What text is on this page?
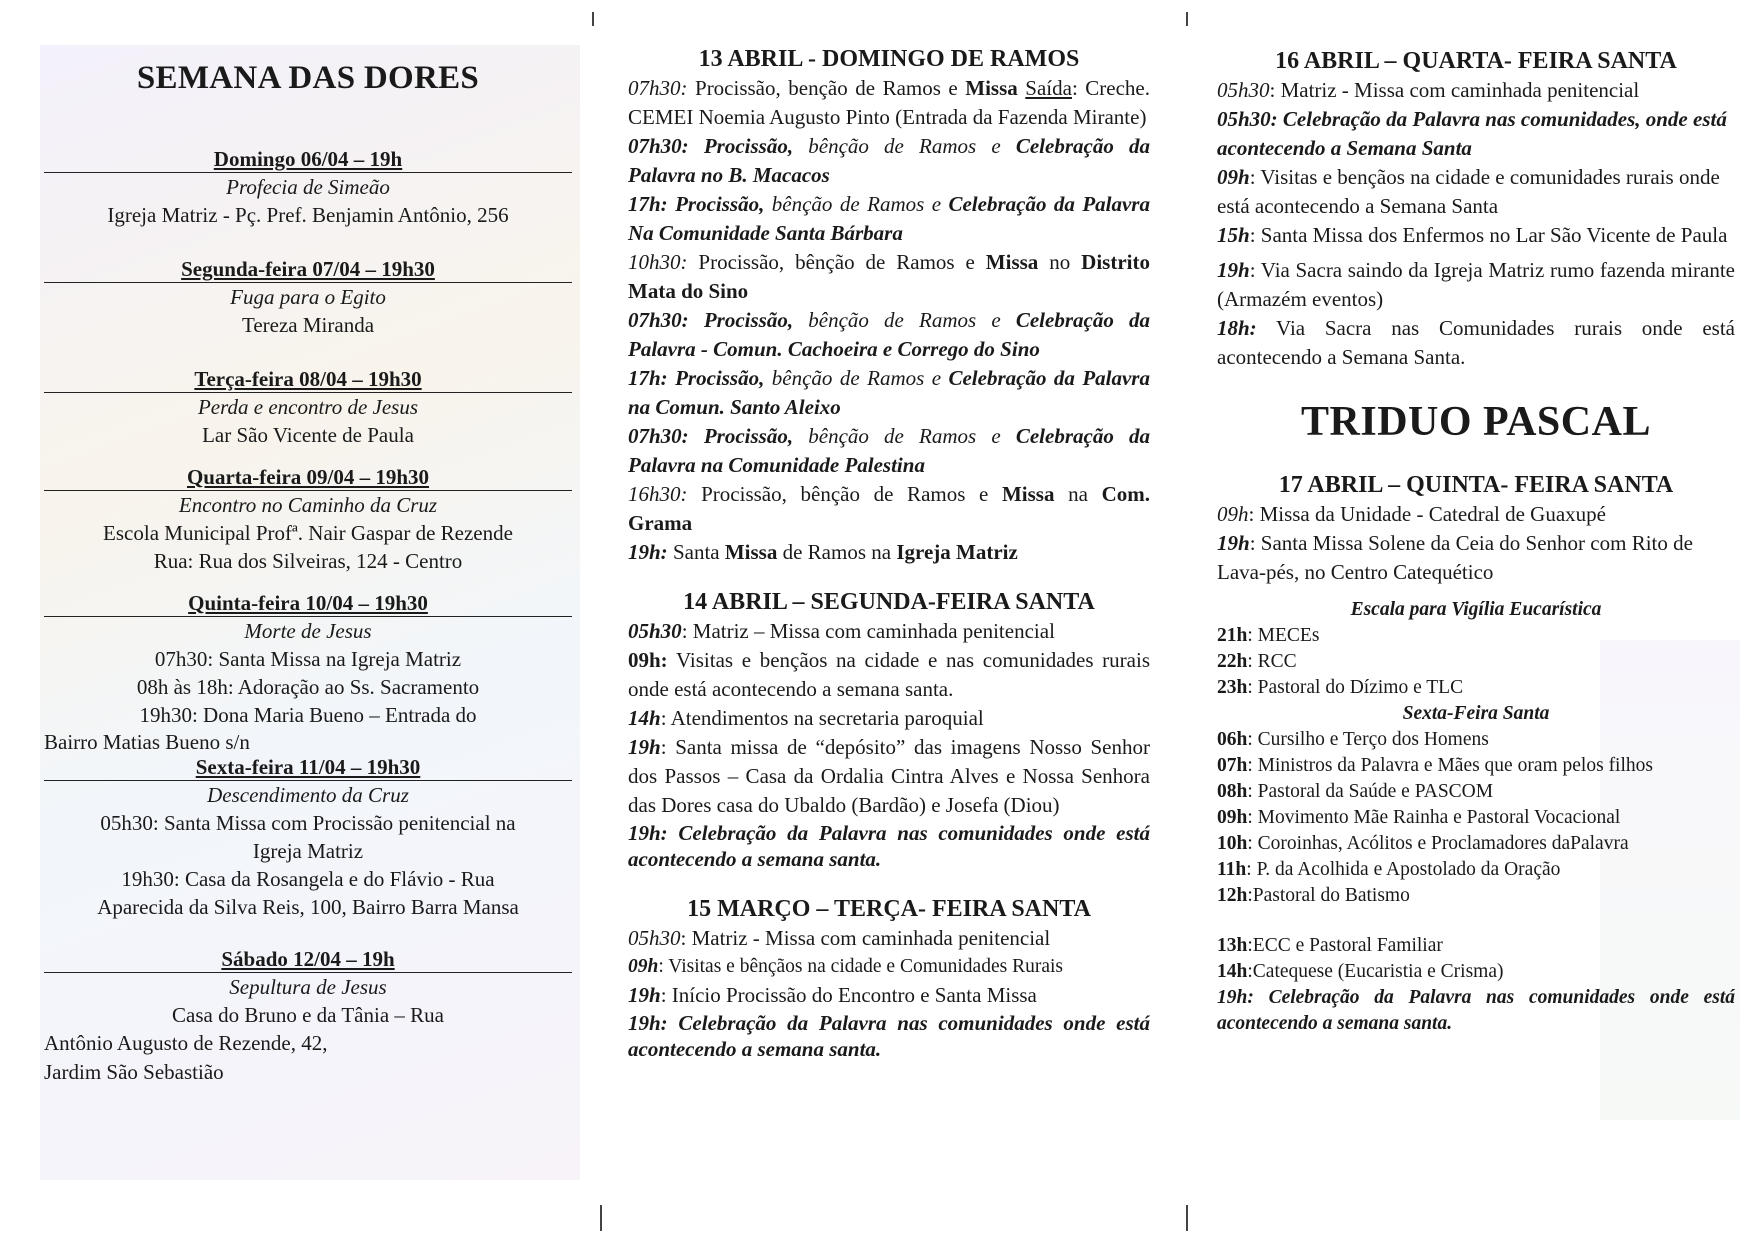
SEMANA DAS DORES
Domingo 06/04 – 19h
Profecia de Simeão
Igreja Matriz - Pç. Pref. Benjamin Antônio, 256
Segunda-feira 07/04 – 19h30
Fuga para o Egito
Tereza Miranda
Terça-feira 08/04 – 19h30
Perda e encontro de Jesus
Lar São Vicente de Paula
Quarta-feira 09/04 – 19h30
Encontro no Caminho da Cruz
Escola Municipal Profª. Nair Gaspar de Rezende
Rua: Rua dos Silveiras, 124 - Centro
Quinta-feira 10/04 – 19h30
Morte de Jesus
07h30: Santa Missa na Igreja Matriz
08h às 18h: Adoração ao Ss. Sacramento
19h30: Dona Maria Bueno – Entrada do
Bairro Matias Bueno s/n
Sexta-feira 11/04 – 19h30
Descendimento da Cruz
05h30: Santa Missa com Procissão penitencial na
Igreja Matriz
19h30: Casa da Rosangela e do Flávio - Rua
Aparecida da Silva Reis, 100, Bairro Barra Mansa
Sábado 12/04 – 19h
Sepultura de Jesus
Casa do Bruno e da Tânia – Rua
Antônio Augusto de Rezende, 42,
Jardim São Sebastião
13 ABRIL - DOMINGO DE RAMOS
07h30: Procissão, benção de Ramos e Missa Saída: Creche. CEMEI Noemia Augusto Pinto (Entrada da Fazenda Mirante)
07h30: Procissão, bênção de Ramos e Celebração da Palavra no B. Macacos
17h: Procissão, bênção de Ramos e Celebração da Palavra Na Comunidade Santa Bárbara
10h30: Procissão, bênção de Ramos e Missa no Distrito Mata do Sino
07h30: Procissão, bênção de Ramos e Celebração da Palavra - Comun. Cachoeira e Corrego do Sino
17h: Procissão, bênção de Ramos e Celebração da Palavra na Comun. Santo Aleixo
07h30: Procissão, bênção de Ramos e Celebração da Palavra na Comunidade Palestina
16h30: Procissão, bênção de Ramos e Missa na Com. Grama
19h: Santa Missa de Ramos na Igreja Matriz
14 ABRIL – SEGUNDA-FEIRA SANTA
05h30: Matriz – Missa com caminhada penitencial
09h: Visitas e bençãos na cidade e nas comunidades rurais onde está acontecendo a semana santa.
14h: Atendimentos na secretaria paroquial
19h: Santa missa de “depósito” das imagens Nosso Senhor dos Passos – Casa da Ordalia Cintra Alves e Nossa Senhora das Dores casa do Ubaldo (Bardão) e Josefa (Diou)
19h: Celebração da Palavra nas comunidades onde está acontecendo a semana santa.
15 MARÇO – TERÇA- FEIRA SANTA
05h30: Matriz - Missa com caminhada penitencial
09h: Visitas e bênçãos na cidade e Comunidades Rurais
19h: Início Procissão do Encontro e Santa Missa
19h: Celebração da Palavra nas comunidades onde está acontecendo a semana santa.
16 ABRIL – QUARTA- FEIRA SANTA
05h30: Matriz - Missa com caminhada penitencial
05h30: Celebração da Palavra nas comunidades, onde está acontecendo a Semana Santa
09h: Visitas e bençãos na cidade e comunidades rurais onde está acontecendo a Semana Santa
15h: Santa Missa dos Enfermos no Lar São Vicente de Paula
19h: Via Sacra saindo da Igreja Matriz rumo fazenda mirante (Armazém eventos)
18h: Via Sacra nas Comunidades rurais onde está acontecendo a Semana Santa.
TRIDUO PASCAL
17 ABRIL – QUINTA- FEIRA SANTA
09h: Missa da Unidade - Catedral de Guaxupé
19h: Santa Missa Solene da Ceia do Senhor com Rito de Lava-pés, no Centro Catequético
Escala para Vigília Eucarística
21h: MECEs
22h: RCC
23h: Pastoral do Dízimo e TLC
Sexta-Feira Santa
06h: Cursilho e Terço dos Homens
07h: Ministros da Palavra e Mães que oram pelos filhos
08h: Pastoral da Saúde e PASCOM
09h: Movimento Mãe Rainha e Pastoral Vocacional
10h: Coroinhas, Acólitos e Proclamadores daPalavra
11h: P. da Acolhida e Apostolado da Oração
12h:Pastoral do Batismo
13h:ECC e Pastoral Familiar
14h:Catequese (Eucaristia e Crisma)
19h: Celebração da Palavra nas comunidades onde está acontecendo a semana santa.
